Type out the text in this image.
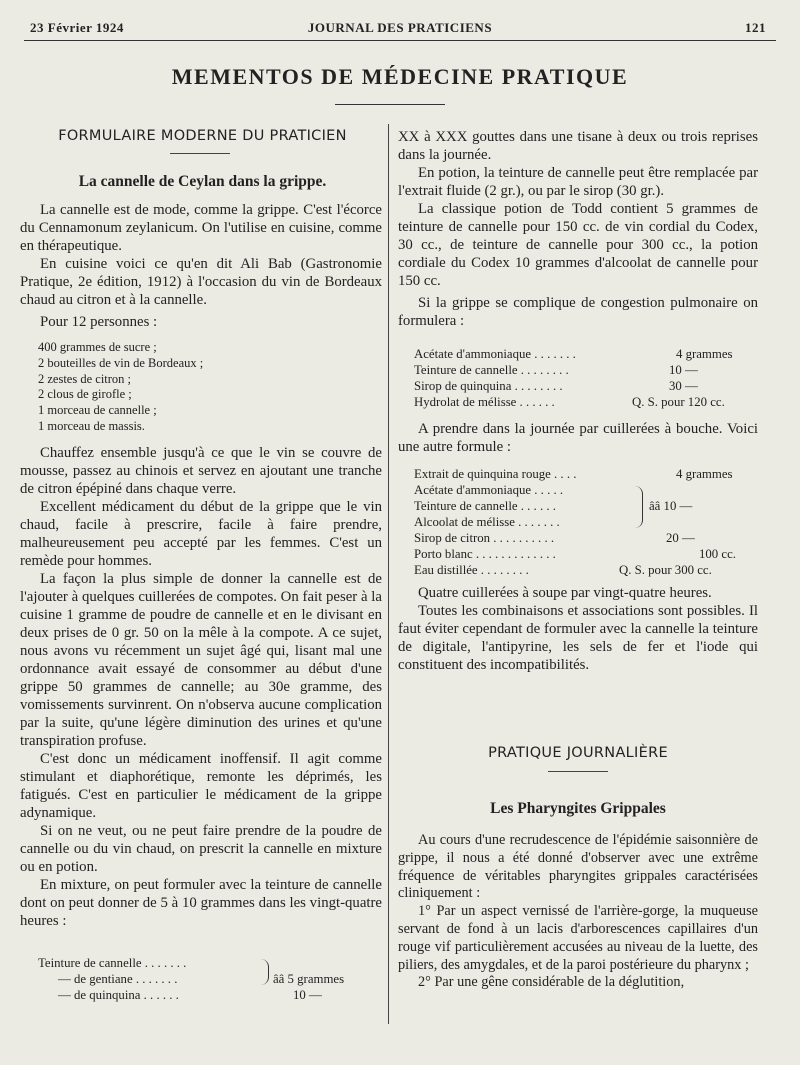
23 Février 1924	JOURNAL DES PRATICIENS	121
MEMENTOS DE MÉDECINE PRATIQUE
FORMULAIRE MODERNE DU PRATICIEN
La cannelle de Ceylan dans la grippe.

La cannelle est de mode, comme la grippe. C'est l'écorce du Cennamonum zeylanicum. On l'utilise en cuisine, comme en thérapeutique.

En cuisine voici ce qu'en dit Ali Bab (Gastronomie Pratique, 2e édition, 1912) à l'occasion du vin de Bordeaux chaud au citron et à la cannelle.

Pour 12 personnes :

400 grammes de sucre ;
2 bouteilles de vin de Bordeaux ;
2 zestes de citron ;
2 clous de girofle ;
1 morceau de cannelle ;
1 morceau de massis.

Chauffez ensemble jusqu'à ce que le vin se couvre de mousse, passez au chinois et servez en ajoutant une tranche de citron épépiné dans chaque verre.

Excellent médicament du début de la grippe que le vin chaud, facile à prescrire, facile à faire prendre, malheureusement peu accepté par les femmes. C'est un remède pour hommes.

La façon la plus simple de donner la cannelle est de l'ajouter à quelques cuillerées de compotes. On fait peser à la cuisine 1 gramme de poudre de cannelle et en le divisant en deux prises de 0 gr. 50 on la mêle à la compote. A ce sujet, nous avons vu récemment un sujet âgé qui, lisant mal une ordonnance avait essayé de consommer au début d'une grippe 50 grammes de cannelle; au 30e gramme, des vomissements survinrent. On n'observa aucune complication par la suite, qu'une légère diminution des urines et qu'une transpiration profuse.

C'est donc un médicament inoffensif. Il agit comme stimulant et diaphorétique, remonte les déprimés, les fatigués. C'est en particulier le médicament de la grippe adynamique.

Si on ne veut, ou ne peut faire prendre de la poudre de cannelle ou du vin chaud, on prescrit la cannelle en mixture ou en potion.

En mixture, on peut formuler avec la teinture de cannelle dont on peut donner de 5 à 10 grammes dans les vingt-quatre heures :

Teinture de cannelle . . . . . . .
— de gentiane . . . . . . .	ââ 5 grammes
— de quinquina . . . . . .	10 —

XX à XXX gouttes dans une tisane à deux ou trois reprises dans la journée.

En potion, la teinture de cannelle peut être remplacée par l'extrait fluide (2 gr.), ou par le sirop (30 gr.).

La classique potion de Todd contient 5 grammes de teinture de cannelle pour 150 cc. de vin cordial du Codex, 30 cc., de teinture de cannelle pour 300 cc., la potion cordiale du Codex 10 grammes d'alcoolat de cannelle pour 150 cc.

Si la grippe se complique de congestion pulmonaire on formulera :

Acétate d'ammoniaque . . . . . . .	4 grammes
Teinture de cannelle . . . . . . . .	10 —
Sirop de quinquina . . . . . . . .	30 —
Hydrolat de mélisse . . . . . .	Q. S. pour 120 cc.

A prendre dans la journée par cuillerées à bouche. Voici une autre formule :

Extrait de quinquina rouge . . . .	4 grammes
Acétate d'ammoniaque . . . . .
Teinture de cannelle . . . . . .	ââ 10 —
Alcoolat de mélisse . . . . . . .
Sirop de citron . . . . . . . . . .	20 —
Porto blanc . . . . . . . . . . . . .	100 cc.
Eau distillée . . . . . . . .	Q. S. pour 300 cc.

Quatre cuillerées à soupe par vingt-quatre heures.

Toutes les combinaisons et associations sont possibles. Il faut éviter cependant de formuler avec la cannelle la teinture de digitale, l'antipyrine, les sels de fer et l'iode qui constituent des incompatibilités.

PRATIQUE JOURNALIÈRE
Les Pharyngites Grippales

Au cours d'une recrudescence de l'épidémie saisonnière de grippe, il nous a été donné d'observer avec une extrême fréquence de véritables pharyngites grippales caractérisées cliniquement :

1° Par un aspect vernissé de l'arrière-gorge, la muqueuse servant de fond à un lacis d'arborescences capillaires d'un rouge vif particulièrement accusées au niveau de la luette, des piliers, des amygdales, et de la paroi postérieure du pharynx ;

2° Par une gêne considérable de la déglutition,
